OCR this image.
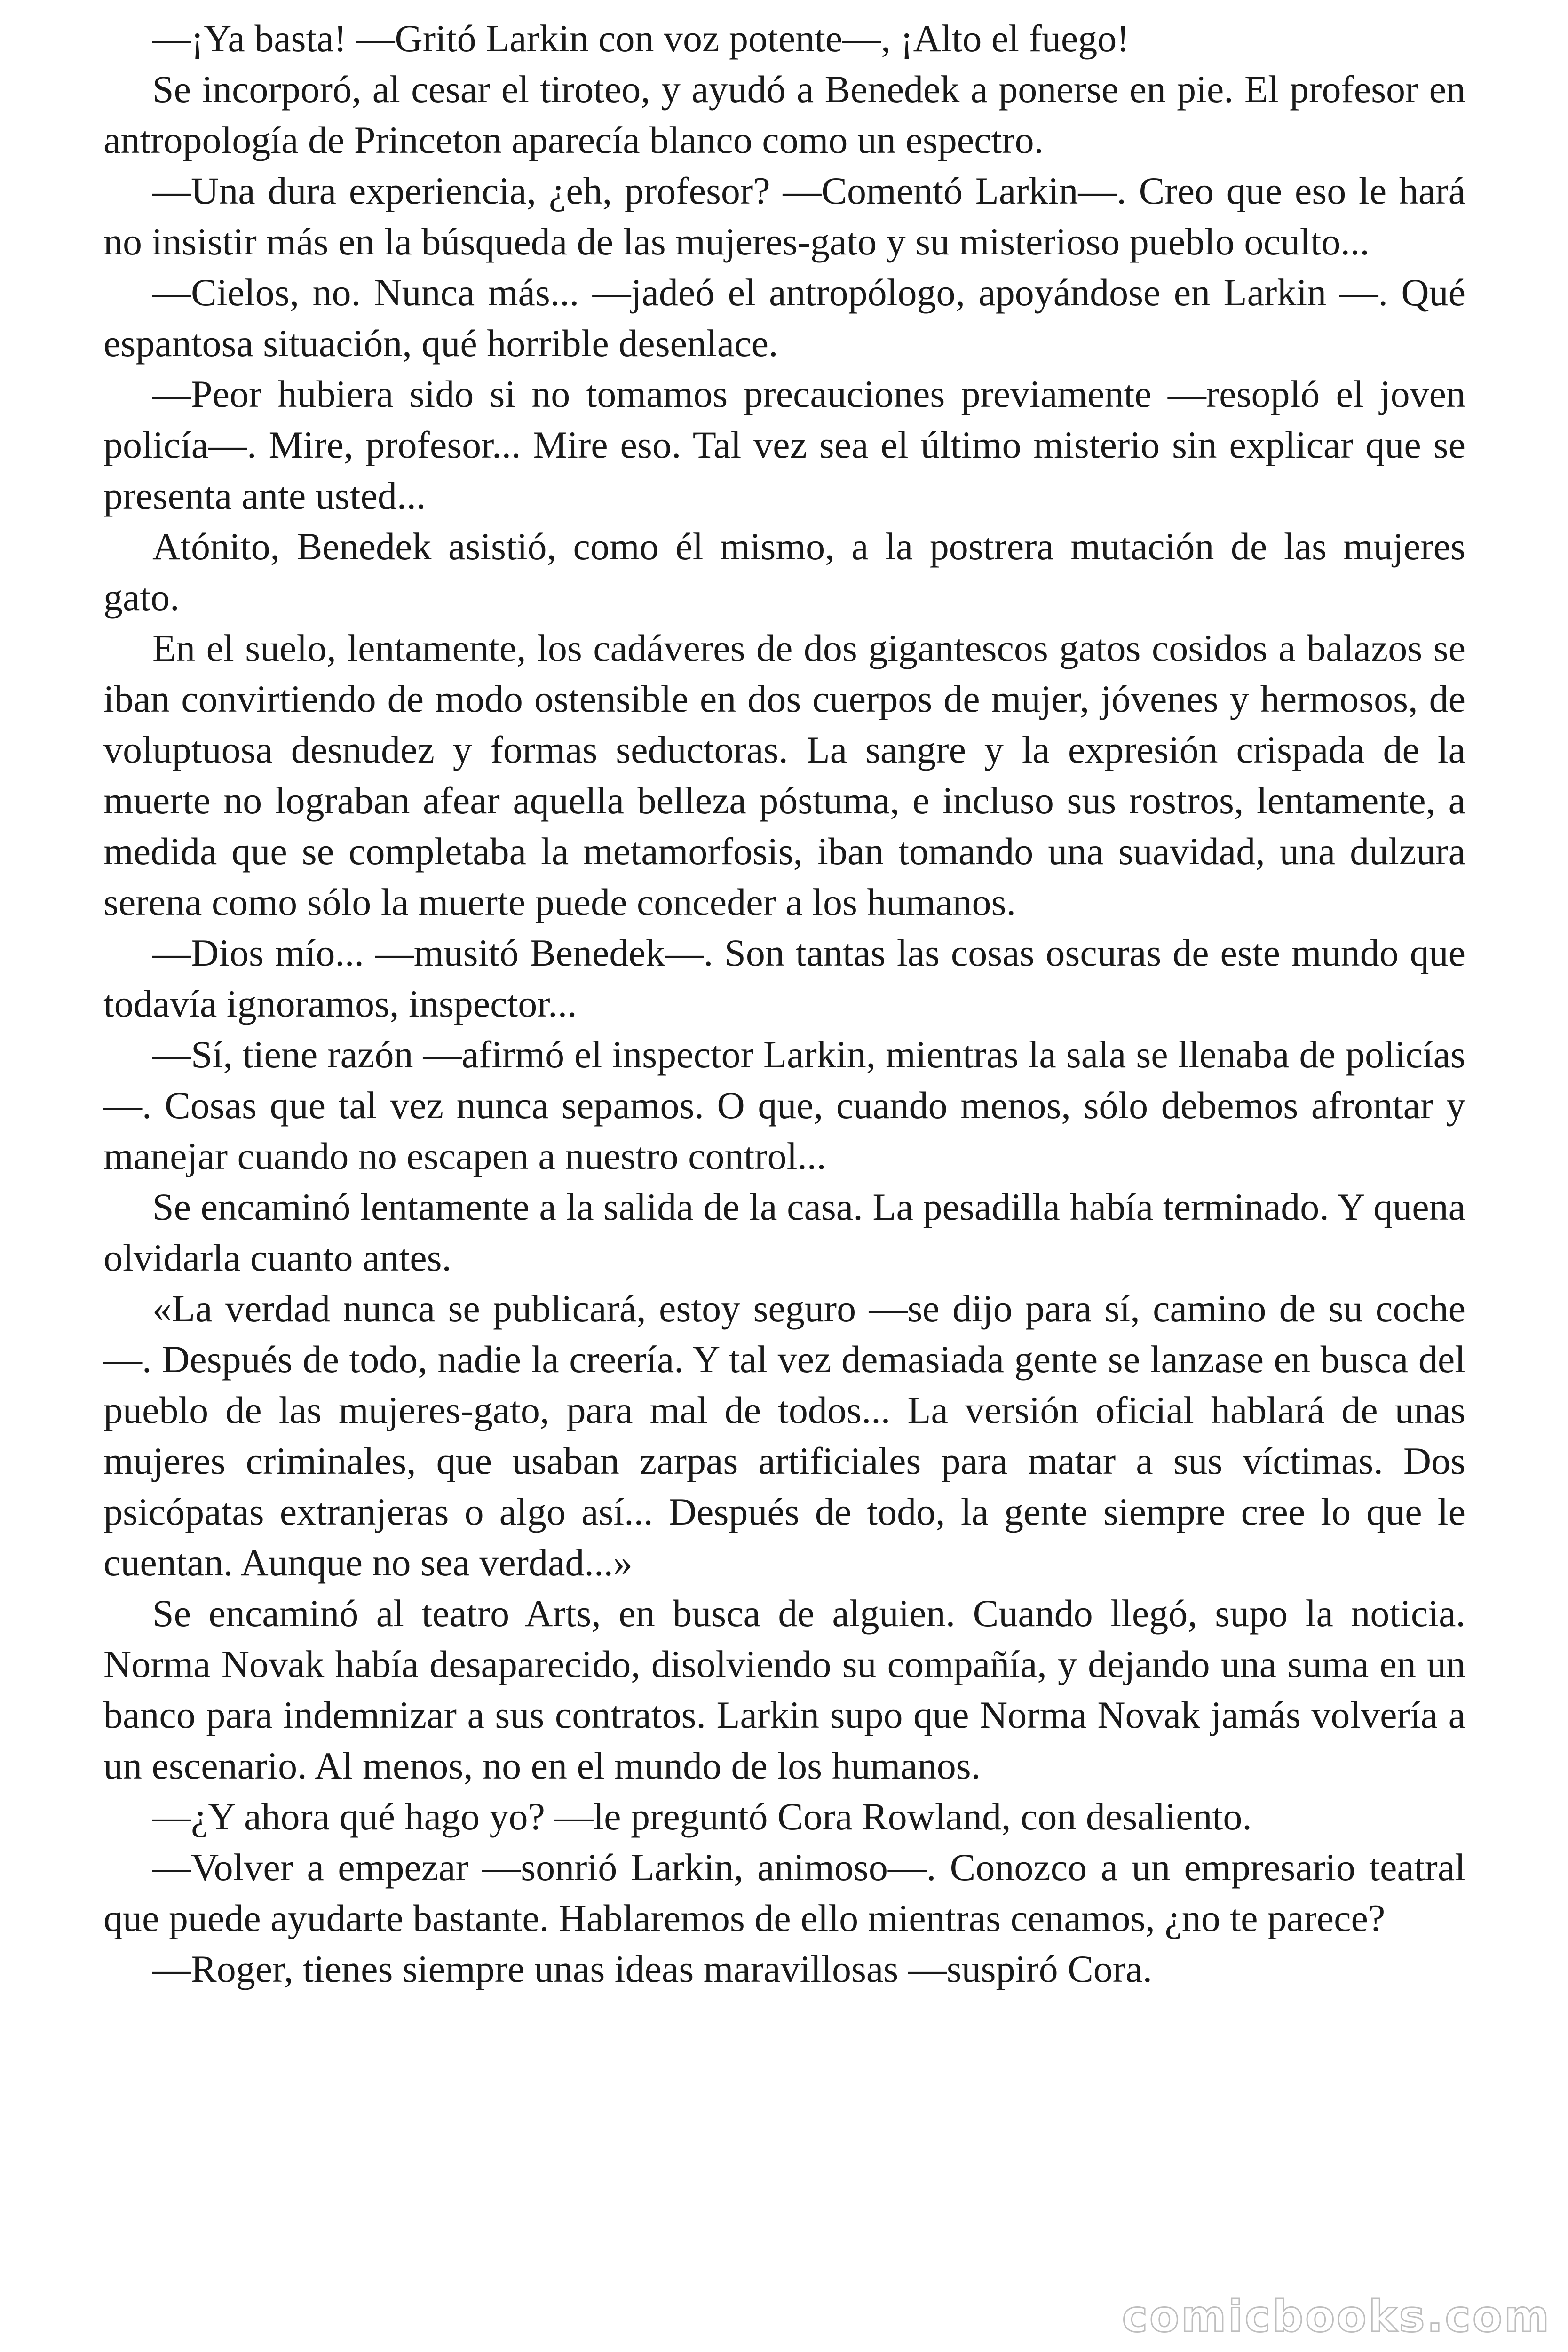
—¡Ya basta! —Gritó Larkin con voz potente—, ¡Alto el fuego!

Se incorporó, al cesar el tiroteo, y ayudó a Benedek a ponerse en pie. El profesor en antropología de Princeton aparecía blanco como un espectro.

—Una dura experiencia, ¿eh, profesor? —Comentó Larkin—. Creo que eso le hará no insistir más en la búsqueda de las mujeres-gato y su misterioso pueblo oculto...

—Cielos, no. Nunca más... —jadeó el antropólogo, apoyándose en Larkin —. Qué espantosa situación, qué horrible desenlace.

—Peor hubiera sido si no tomamos precauciones previamente —resopló el joven policía—. Mire, profesor... Mire eso. Tal vez sea el último misterio sin explicar que se presenta ante usted...

Atónito, Benedek asistió, como él mismo, a la postrera mutación de las mujeres gato.

En el suelo, lentamente, los cadáveres de dos gigantescos gatos cosidos a balazos se iban convirtiendo de modo ostensible en dos cuerpos de mujer, jóvenes y hermosos, de voluptuosa desnudez y formas seductoras. La sangre y la expresión crispada de la muerte no lograban afear aquella belleza póstuma, e incluso sus rostros, lentamente, a medida que se completaba la metamorfosis, iban tomando una suavidad, una dulzura serena como sólo la muerte puede conceder a los humanos.

—Dios mío... —musitó Benedek—. Son tantas las cosas oscuras de este mundo que todavía ignoramos, inspector...

—Sí, tiene razón —afirmó el inspector Larkin, mientras la sala se llenaba de policías—. Cosas que tal vez nunca sepamos. O que, cuando menos, sólo debemos afrontar y manejar cuando no escapen a nuestro control...

Se encaminó lentamente a la salida de la casa. La pesadilla había terminado. Y quena olvidarla cuanto antes.

«La verdad nunca se publicará, estoy seguro —se dijo para sí, camino de su coche—. Después de todo, nadie la creería. Y tal vez demasiada gente se lanzase en busca del pueblo de las mujeres-gato, para mal de todos... La versión oficial hablará de unas mujeres criminales, que usaban zarpas artificiales para matar a sus víctimas. Dos psicópatas extranjeras o algo así... Después de todo, la gente siempre cree lo que le cuentan. Aunque no sea verdad...»

Se encaminó al teatro Arts, en busca de alguien. Cuando llegó, supo la noticia. Norma Novak había desaparecido, disolviendo su compañía, y dejando una suma en un banco para indemnizar a sus contratos. Larkin supo que Norma Novak jamás volvería a un escenario. Al menos, no en el mundo de los humanos.

—¿Y ahora qué hago yo? —le preguntó Cora Rowland, con desaliento.

—Volver a empezar —sonrió Larkin, animoso—. Conozco a un empresario teatral que puede ayudarte bastante. Hablaremos de ello mientras cenamos, ¿no te parece?

—Roger, tienes siempre unas ideas maravillosas —suspiró Cora.

comicbooks.com
